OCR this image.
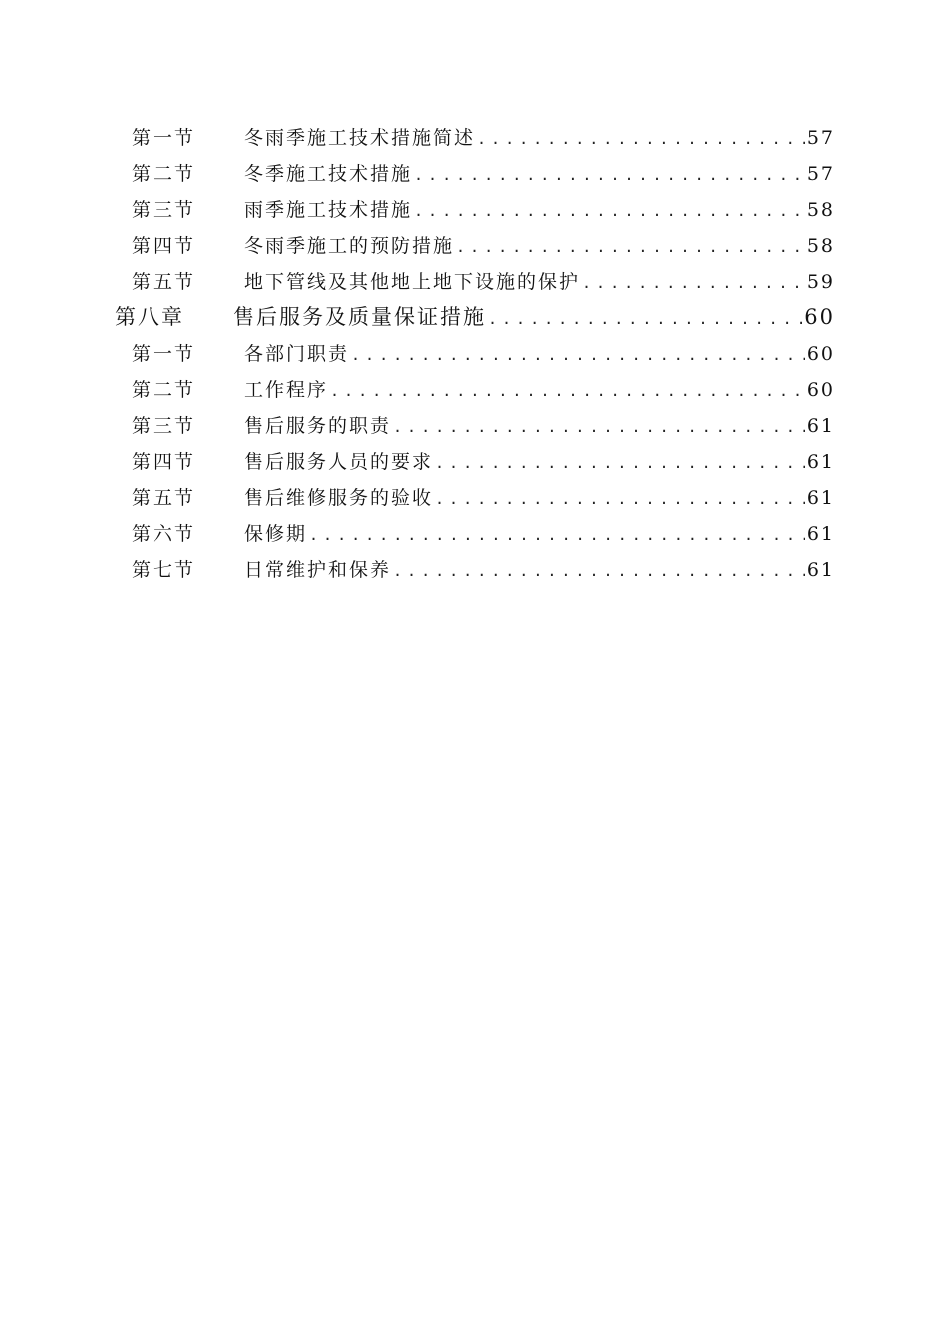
第一节	冬雨季施工技术措施简述 .....	57
第二节	冬季施工技术措施 .....	57
第三节	雨季施工技术措施 .....	58
第四节	冬雨季施工的预防措施 .....	58
第五节	地下管线及其他地上地下设施的保护 .....	59
第八章 售后服务及质量保证措施 .....	60
第一节	各部门职责 .....	60
第二节	工作程序 .....	60
第三节	售后服务的职责 .....	61
第四节	售后服务人员的要求 .....	61
第五节	售后维修服务的验收 .....	61
第六节	保修期 .....	61
第七节	日常维护和保养 .....	61
